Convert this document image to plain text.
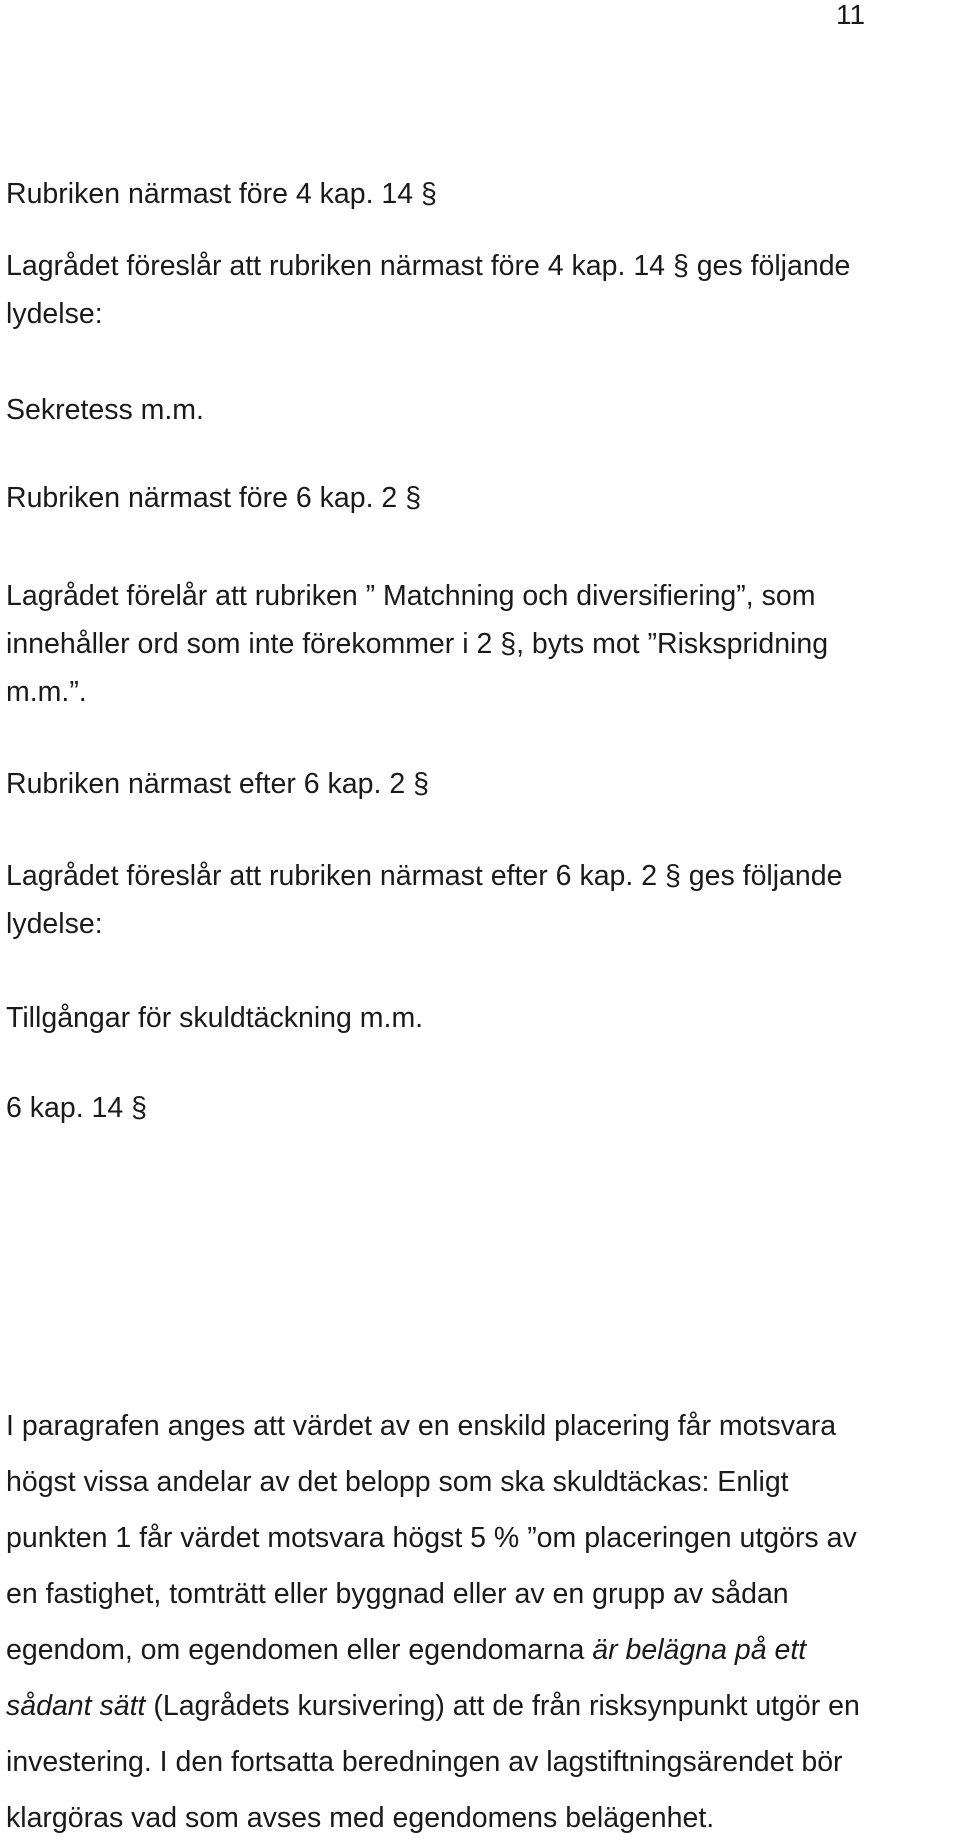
11

Rubriken närmast före 4 kap. 14 §

Lagrådet föreslår att rubriken närmast före 4 kap. 14 § ges följande
lydelse:

Sekretess m.m.

Rubriken närmast före 6 kap. 2 §

Lagrådet förelår att rubriken ” Matchning och diversifiering”, som
innehåller ord som inte förekommer i 2 §, byts mot ”Riskspridning
m.m.”.

Rubriken närmast efter 6 kap. 2 §

Lagrådet föreslår att rubriken närmast efter 6 kap. 2 § ges följande
lydelse:

Tillgångar för skuldtäckning m.m.

6 kap. 14 §

I paragrafen anges att värdet av en enskild placering får motsvara
högst vissa andelar av det belopp som ska skuldtäckas: Enligt
punkten 1 får värdet motsvara högst 5 % ”om placeringen utgörs av
en fastighet, tomträtt eller byggnad eller av en grupp av sådan
egendom, om egendomen eller egendomarna är belägna på ett
sådant sätt (Lagrådets kursivering) att de från risksynpunkt utgör en
investering. I den fortsatta beredningen av lagstiftningsärendet bör
klargöras vad som avses med egendomens belägenhet.
